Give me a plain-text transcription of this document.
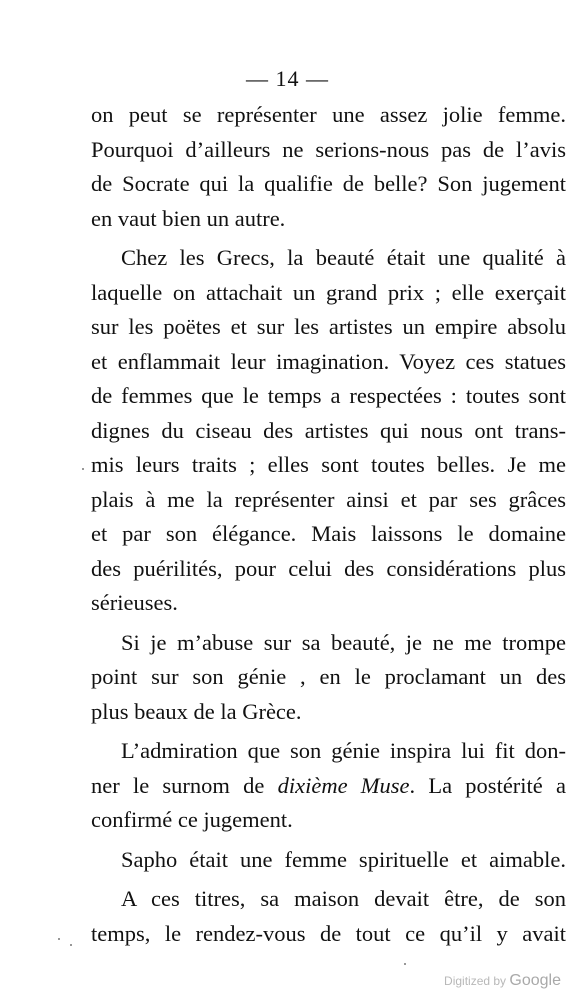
— 14 —
on peut se représenter une assez jolie femme.
Pourquoi d’ailleurs ne serions-nous pas de l’avis
de Socrate qui la qualifie de belle? Son jugement
en vaut bien un autre.
Chez les Grecs, la beauté était une qualité à
laquelle on attachait un grand prix ; elle exerçait
sur les poëtes et sur les artistes un empire absolu
et enflammait leur imagination. Voyez ces statues
de femmes que le temps a respectées : toutes sont
dignes du ciseau des artistes qui nous ont trans-
mis leurs traits ; elles sont toutes belles. Je me
plais à me la représenter ainsi et par ses grâces
et par son élégance. Mais laissons le domaine
des puérilités, pour celui des considérations plus
sérieuses.
Si je m’abuse sur sa beauté, je ne me trompe
point sur son génie , en le proclamant un des
plus beaux de la Grèce.
L’admiration que son génie inspira lui fit don-
ner le surnom de dixième Muse. La postérité a
confirmé ce jugement.
Sapho était une femme spirituelle et aimable.
A ces titres, sa maison devait être, de son
temps, le rendez-vous de tout ce qu’il y avait
Digitized by Google
